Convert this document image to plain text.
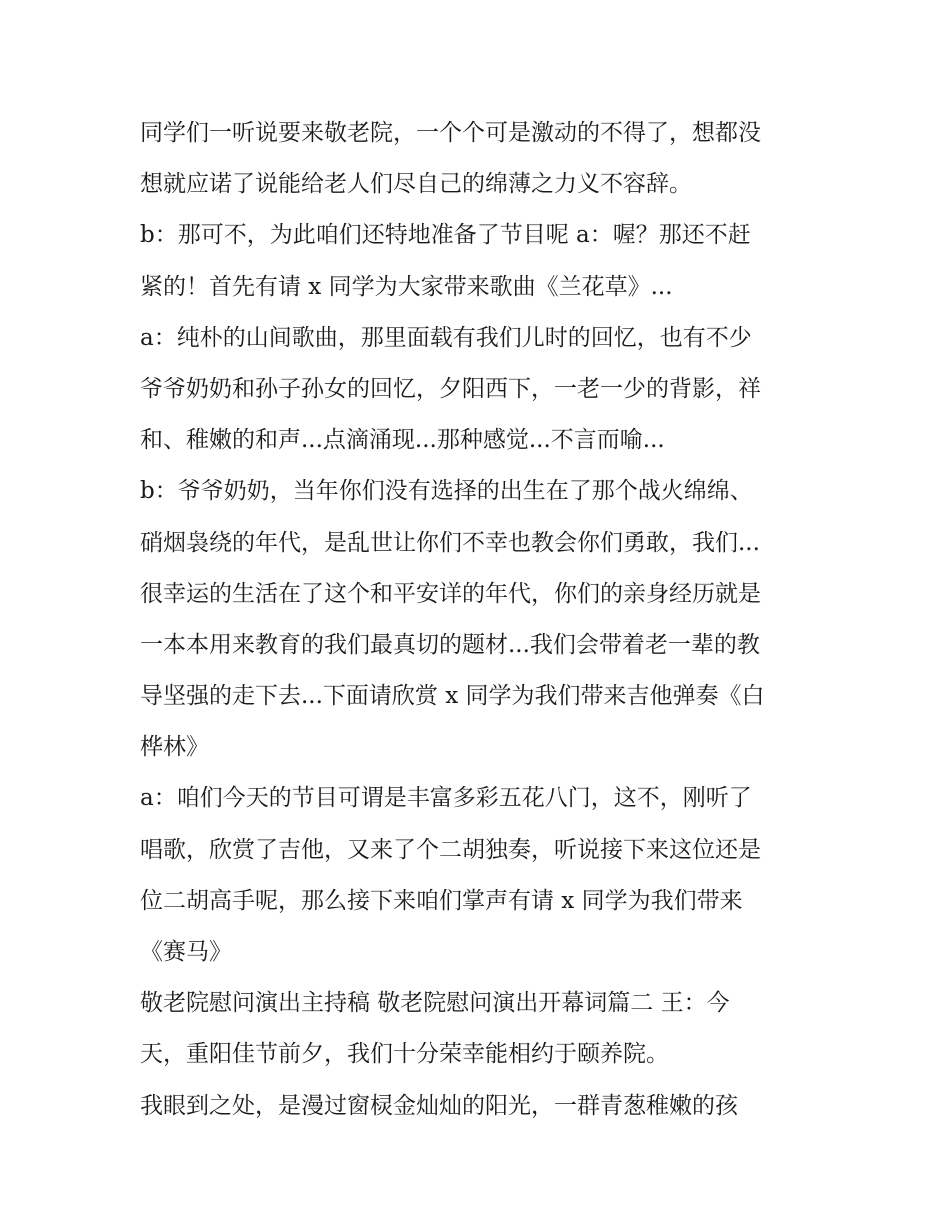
同学们一听说要来敬老院，一个个可是激动的不得了，想都没
想就应诺了说能给老人们尽自己的绵薄之力义不容辞。
b：那可不，为此咱们还特地准备了节目呢 a：喔？那还不赶
紧的！首先有请 x 同学为大家带来歌曲《兰花草》...
a：纯朴的山间歌曲，那里面载有我们儿时的回忆，也有不少
爷爷奶奶和孙子孙女的回忆，夕阳西下，一老一少的背影，祥
和、稚嫩的和声...点滴涌现...那种感觉...不言而喻...
b：爷爷奶奶，当年你们没有选择的出生在了那个战火绵绵、
硝烟袅绕的年代，是乱世让你们不幸也教会你们勇敢，我们...
很幸运的生活在了这个和平安详的年代，你们的亲身经历就是
一本本用来教育的我们最真切的题材...我们会带着老一辈的教
导坚强的走下去...下面请欣赏 x 同学为我们带来吉他弹奏《白
桦林》
a：咱们今天的节目可谓是丰富多彩五花八门，这不，刚听了
唱歌，欣赏了吉他，又来了个二胡独奏，听说接下来这位还是
位二胡高手呢，那么接下来咱们掌声有请 x 同学为我们带来
《赛马》
敬老院慰问演出主持稿 敬老院慰问演出开幕词篇二 王：今
天，重阳佳节前夕，我们十分荣幸能相约于颐养院。
我眼到之处，是漫过窗棂金灿灿的阳光，一群青葱稚嫩的孩
